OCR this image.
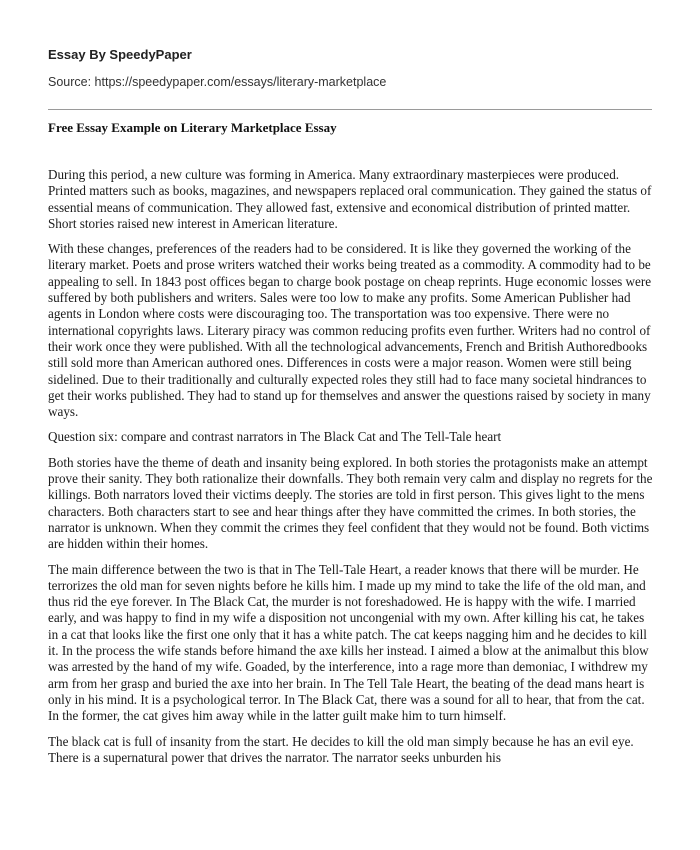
Essay By SpeedyPaper
Source: https://speedypaper.com/essays/literary-marketplace
Free Essay Example on Literary Marketplace Essay

During this period, a new culture was forming in America. Many extraordinary masterpieces were produced. Printed matters such as books, magazines, and newspapers replaced oral communication. They gained the status of essential means of communication. They allowed fast, extensive and economical distribution of printed matter. Short stories raised new interest in American literature.

With these changes, preferences of the readers had to be considered. It is like they governed the working of the literary market. Poets and prose writers watched their works being treated as a commodity. A commodity had to be appealing to sell. In 1843 post offices began to charge book postage on cheap reprints. Huge economic losses were suffered by both publishers and writers. Sales were too low to make any profits. Some American Publisher had agents in London where costs were discouraging too. The transportation was too expensive. There were no international copyrights laws. Literary piracy was common reducing profits even further. Writers had no control of their work once they were published. With all the technological advancements, French and British Authoredbooks still sold more than American authored ones. Differences in costs were a major reason. Women were still being sidelined. Due to their traditionally and culturally expected roles they still had to face many societal hindrances to get their works published. They had to stand up for themselves and answer the questions raised by society in many ways.

Question six: compare and contrast narrators in The Black Cat and The Tell-Tale heart

Both stories have the theme of death and insanity being explored. In both stories the protagonists make an attempt prove their sanity. They both rationalize their downfalls. They both remain very calm and display no regrets for the killings. Both narrators loved their victims deeply. The stories are told in first person. This gives light to the mens characters. Both characters start to see and hear things after they have committed the crimes. In both stories, the narrator is unknown. When they commit the crimes they feel confident that they would not be found. Both victims are hidden within their homes.

The main difference between the two is that in The Tell-Tale Heart, a reader knows that there will be murder. He terrorizes the old man for seven nights before he kills him. I made up my mind to take the life of the old man, and thus rid the eye forever. In The Black Cat, the murder is not foreshadowed. He is happy with the wife. I married early, and was happy to find in my wife a disposition not uncongenial with my own. After killing his cat, he takes in a cat that looks like the first one only that it has a white patch. The cat keeps nagging him and he decides to kill it. In the process the wife stands before himand the axe kills her instead. I aimed a blow at the animalbut this blow was arrested by the hand of my wife. Goaded, by the interference, into a rage more than demoniac, I withdrew my arm from her grasp and buried the axe into her brain. In The Tell Tale Heart, the beating of the dead mans heart is only in his mind. It is a psychological terror. In The Black Cat, there was a sound for all to hear, that from the cat. In the former, the cat gives him away while in the latter guilt make him to turn himself.

The black cat is full of insanity from the start. He decides to kill the old man simply because he has an evil eye. There is a supernatural power that drives the narrator. The narrator seeks unburden his
